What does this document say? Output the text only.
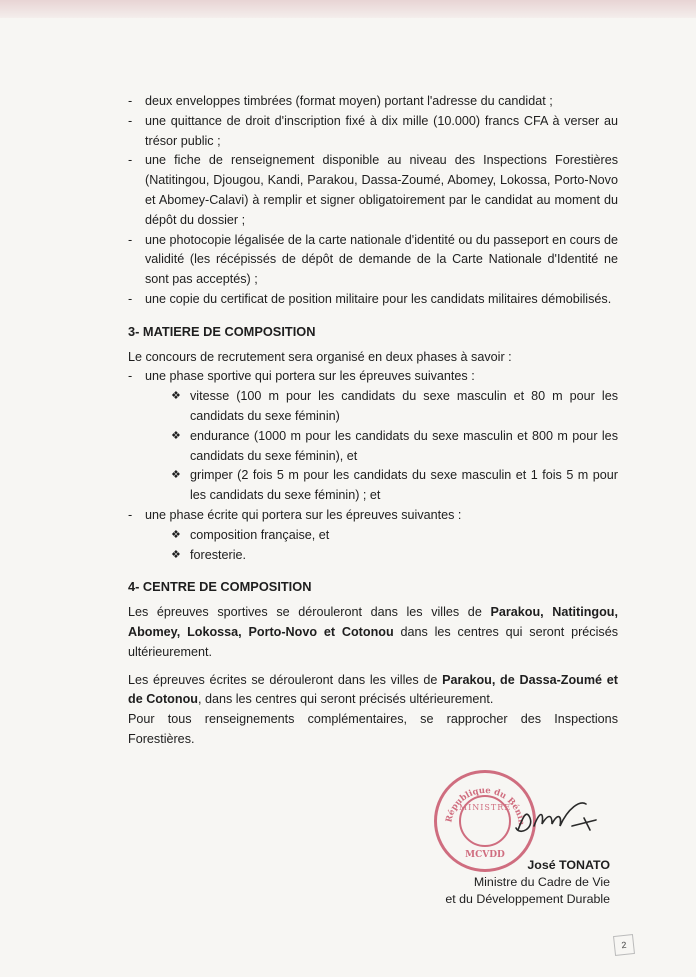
-	deux enveloppes timbrées (format moyen) portant l'adresse du candidat ;
-	une quittance de droit d'inscription fixé à dix mille (10.000) francs CFA à verser au trésor public ;
-	une fiche de renseignement disponible au niveau des Inspections Forestières (Natitingou, Djougou, Kandi, Parakou, Dassa-Zoumé, Abomey, Lokossa, Porto-Novo et Abomey-Calavi) à remplir et signer obligatoirement par le candidat au moment du dépôt du dossier ;
-	une photocopie légalisée de la carte nationale d'identité ou du passeport en cours de validité (les récépissés de dépôt de demande de la Carte Nationale d'Identité ne sont pas acceptés) ;
-	une copie du certificat de position militaire pour les candidats militaires démobilisés.
3- MATIERE DE COMPOSITION

Le concours de recrutement sera organisé en deux phases à savoir :

-	une phase sportive qui portera sur les épreuves suivantes :
❖ vitesse (100 m pour les candidats du sexe masculin et 80 m pour les candidats du sexe féminin)
❖ endurance (1000 m pour les candidats du sexe masculin et 800 m pour les candidats du sexe féminin), et
❖ grimper (2 fois 5 m pour les candidats du sexe masculin et 1 fois 5 m pour les candidats du sexe féminin) ; et
-	une phase écrite qui portera sur les épreuves suivantes :
❖ composition française, et
❖ foresterie.
4- CENTRE DE COMPOSITION

Les épreuves sportives se dérouleront dans les villes de Parakou, Natitingou, Abomey, Lokossa, Porto-Novo et Cotonou dans les centres qui seront précisés ultérieurement.

Les épreuves écrites se dérouleront dans les villes de Parakou, de Dassa-Zoumé et de Cotonou, dans les centres qui seront précisés ultérieurement.

Pour tous renseignements complémentaires, se rapprocher des Inspections Forestières.

République du Bénin
MCVDD
MINISTRE
José TONATO
Ministre du Cadre de Vie
et du Développement Durable
2
